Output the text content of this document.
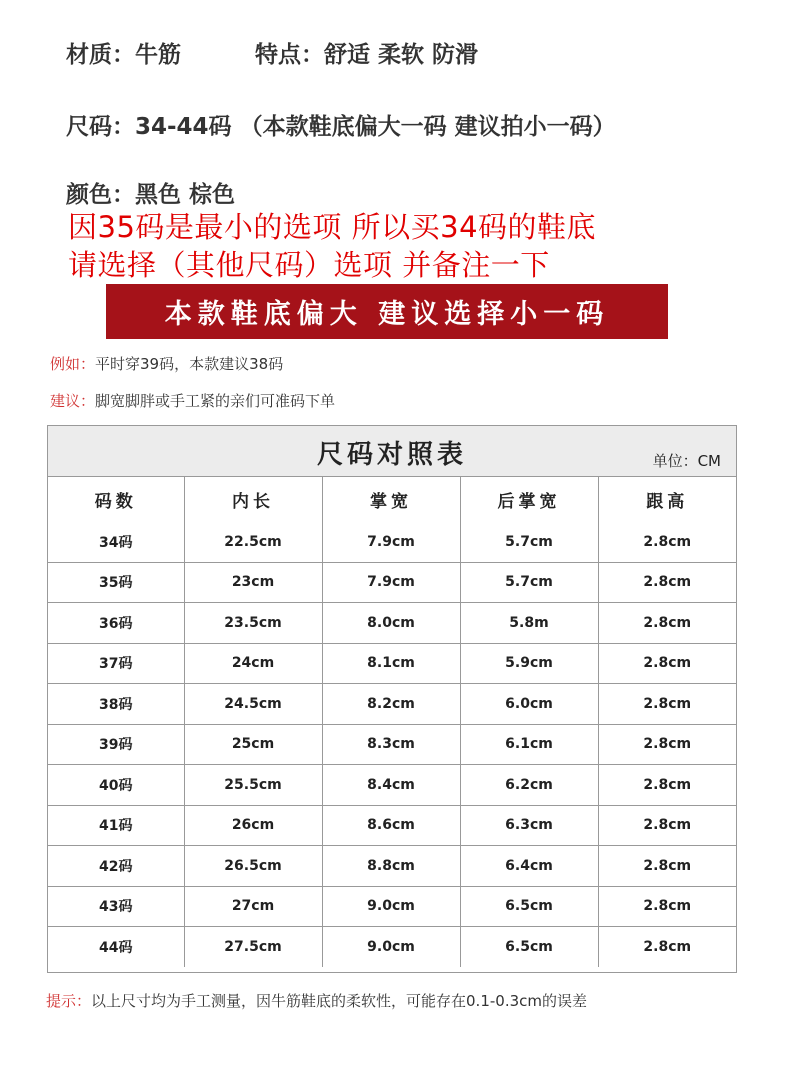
材质：牛筋	特点：舒适 柔软 防滑
尺码：34-44码 （本款鞋底偏大一码 建议拍小一码）
颜色：黑色 棕色
因35码是最小的选项 所以买34码的鞋底
请选择（其他尺码）选项 并备注一下
本款鞋底偏大 建议选择小一码
例如：平时穿39码，本款建议38码
建议：脚宽脚胖或手工紧的亲们可准码下单
尺码对照表	单位：CM
码数	内长	掌宽	后掌宽	跟高
34码	22.5cm	7.9cm	5.7cm	2.8cm
35码	23cm	7.9cm	5.7cm	2.8cm
36码	23.5cm	8.0cm	5.8m	2.8cm
37码	24cm	8.1cm	5.9cm	2.8cm
38码	24.5cm	8.2cm	6.0cm	2.8cm
39码	25cm	8.3cm	6.1cm	2.8cm
40码	25.5cm	8.4cm	6.2cm	2.8cm
41码	26cm	8.6cm	6.3cm	2.8cm
42码	26.5cm	8.8cm	6.4cm	2.8cm
43码	27cm	9.0cm	6.5cm	2.8cm
44码	27.5cm	9.0cm	6.5cm	2.8cm
提示：以上尺寸均为手工测量，因牛筋鞋底的柔软性，可能存在0.1-0.3cm的误差
